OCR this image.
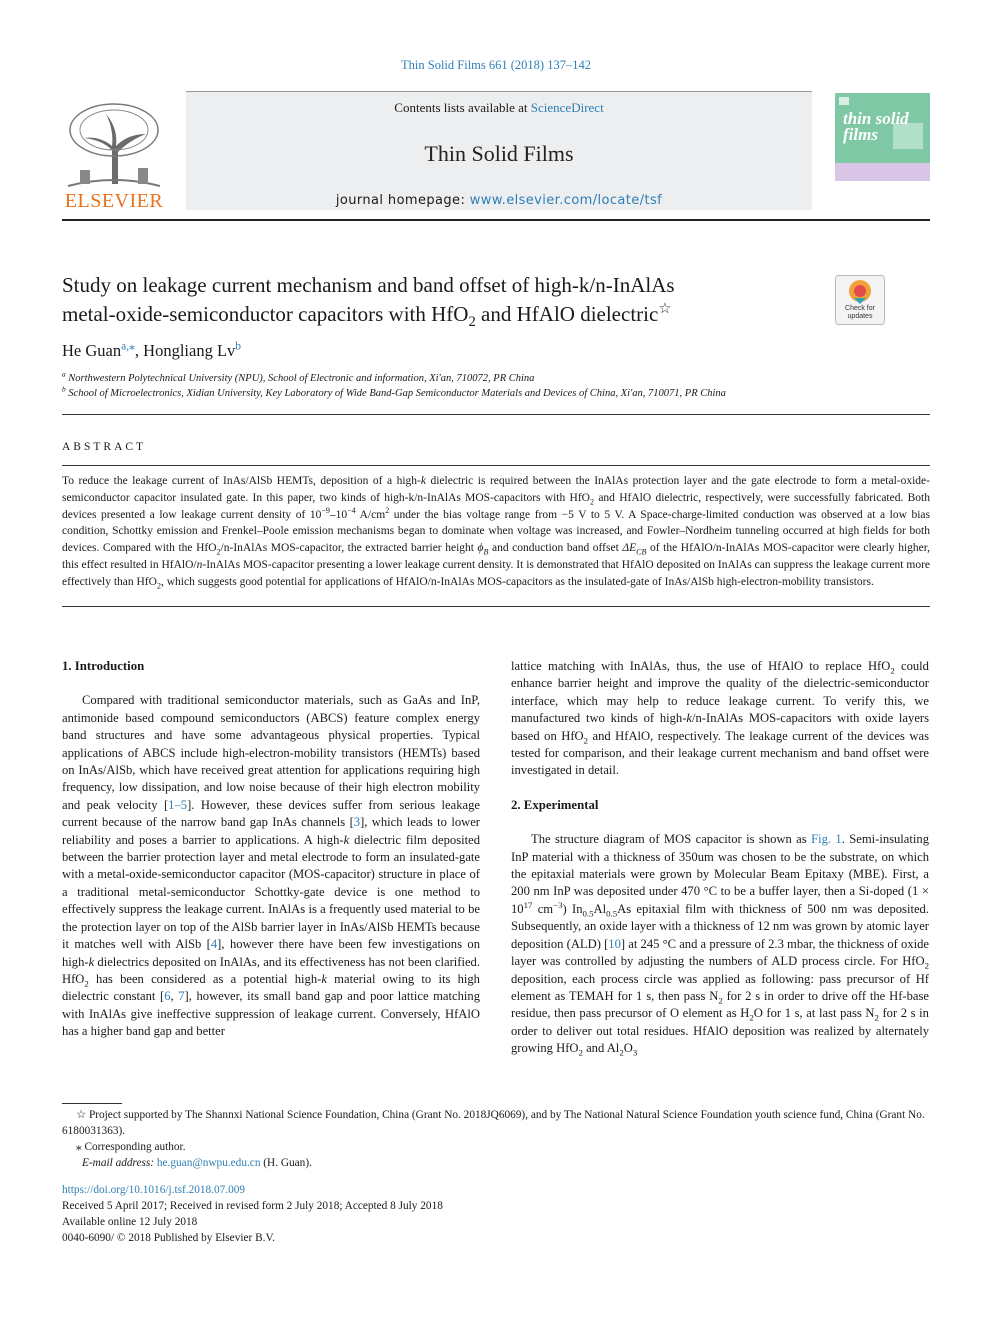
Thin Solid Films 661 (2018) 137–142
ELSEVIER
Contents lists available at ScienceDirect
Thin Solid Films
journal homepage: www.elsevier.com/locate/tsf
thin solid films
Study on leakage current mechanism and band offset of high-k/n-InAlAs
metal-oxide-semiconductor capacitors with HfO$_2$ and HfAlO dielectric☆	Check for updates
He Guan$^{a,⁎}$, Hongliang Lv$^b$
$^a$ Northwestern Polytechnical University (NPU), School of Electronic and information, Xi'an, 710072, PR China
$^b$ School of Microelectronics, Xidian University, Key Laboratory of Wide Band-Gap Semiconductor Materials and Devices of China, Xi'an, 710071, PR China
ABSTRACT
To reduce the leakage current of InAs/AlSb HEMTs, deposition of a high-k dielectric is required between the InAlAs protection layer and the gate electrode to form a metal-oxide-semiconductor capacitor insulated gate. In this paper, two kinds of high-k/n-InAlAs MOS-capacitors with HfO$_2$ and HfAlO dielectric, respectively, were successfully fabricated. Both devices presented a low leakage current density of $10^{-9}-10^{-4}$ $A/cm^2$ under the bias voltage range from −5 V to 5 V. A Space-charge-limited conduction was observed at a low bias condition, Schottky emission and Frenkel–Poole emission mechanisms began to dominate when voltage was increased, and Fowler–Nordheim tunneling occurred at high fields for both devices. Compared with the HfO$_2$/n-InAlAs MOS-capacitor, the extracted barrier height $\phi_B$ and conduction band offset $\Delta E_{CB}$ of the HfAlO/n-InAlAs MOS-capacitor were clearly higher, this effect resulted in HfAlO/n-InAlAs MOS-capacitor presenting a lower leakage current density. It is demonstrated that HfAlO deposited on InAlAs can suppress the leakage current more effectively than HfO$_2$, which suggests good potential for applications of HfAlO/n-InAlAs MOS-capacitors as the insulated-gate of InAs/AlSb high-electron-mobility transistors.

1. Introduction

Compared with traditional semiconductor materials, such as GaAs and InP, antimonide based compound semiconductors (ABCS) feature complex energy band structures and have some advantageous physical properties. Typical applications of ABCS include high-electron-mobility transistors (HEMTs) based on InAs/AlSb, which have received great attention for applications requiring high frequency, low dissipation, and low noise because of their high electron mobility and peak velocity [1–5]. However, these devices suffer from serious leakage current because of the narrow band gap InAs channels [3], which leads to lower reliability and poses a barrier to applications. A high-k dielectric film deposited between the barrier protection layer and metal electrode to form an insulated-gate with a metal-oxide-semiconductor capacitor (MOS-capacitor) structure in place of a traditional metal-semiconductor Schottky-gate device is one method to effectively suppress the leakage current. InAlAs is a frequently used material to be the protection layer on top of the AlSb barrier layer in InAs/AlSb HEMTs because it matches well with AlSb [4], however there have been few investigations on high-k dielectrics deposited on InAlAs, and its effectiveness has not been clarified. HfO$_2$ has been considered as a potential high-k material owing to its high dielectric constant [6, 7], however, its small band gap and poor lattice matching with InAlAs give ineffective suppression of leakage current. Conversely, HfAlO has a higher band gap and better

lattice matching with InAlAs, thus, the use of HfAlO to replace HfO$_2$ could enhance barrier height and improve the quality of the dielectric-semiconductor interface, which may help to reduce leakage current. To verify this, we manufactured two kinds of high-k/n-InAlAs MOS-capacitors with oxide layers based on HfO$_2$ and HfAlO, respectively. The leakage current of the devices was tested for comparison, and their leakage current mechanism and band offset were investigated in detail.

2. Experimental

The structure diagram of MOS capacitor is shown as Fig. 1. Semi-insulating InP material with a thickness of 350um was chosen to be the substrate, on which the epitaxial materials were grown by Molecular Beam Epitaxy (MBE). First, a 200 nm InP was deposited under 470 °C to be a buffer layer, then a Si-doped ($1 \times 10^{17}$ $cm^{-3}$) $In_{0.5}Al_{0.5}As$ epitaxial film with thickness of 500 nm was deposited. Subsequently, an oxide layer with a thickness of 12 nm was grown by atomic layer deposition (ALD) [10] at 245 °C and a pressure of 2.3 mbar, the thickness of oxide layer was controlled by adjusting the numbers of ALD process circle. For HfO$_2$ deposition, each process circle was applied as following: pass precursor of Hf element as TEMAH for 1 s, then pass $N_2$ for 2 s in order to drive off the Hf-base residue, then pass precursor of O element as $H_2O$ for 1 s, at last pass $N_2$ for 2 s in order to deliver out total residues. HfAlO deposition was realized by alternately growing HfO$_2$ and $Al_2O_3$

☆ Project supported by The Shannxi National Science Foundation, China (Grant No. 2018JQ6069), and by The National Natural Science Foundation youth science fund, China (Grant No. 6180031363).
⁎ Corresponding author.
E-mail address: he.guan@nwpu.edu.cn (H. Guan).
https://doi.org/10.1016/j.tsf.2018.07.009
Received 5 April 2017; Received in revised form 2 July 2018; Accepted 8 July 2018
Available online 12 July 2018
0040-6090/ © 2018 Published by Elsevier B.V.
